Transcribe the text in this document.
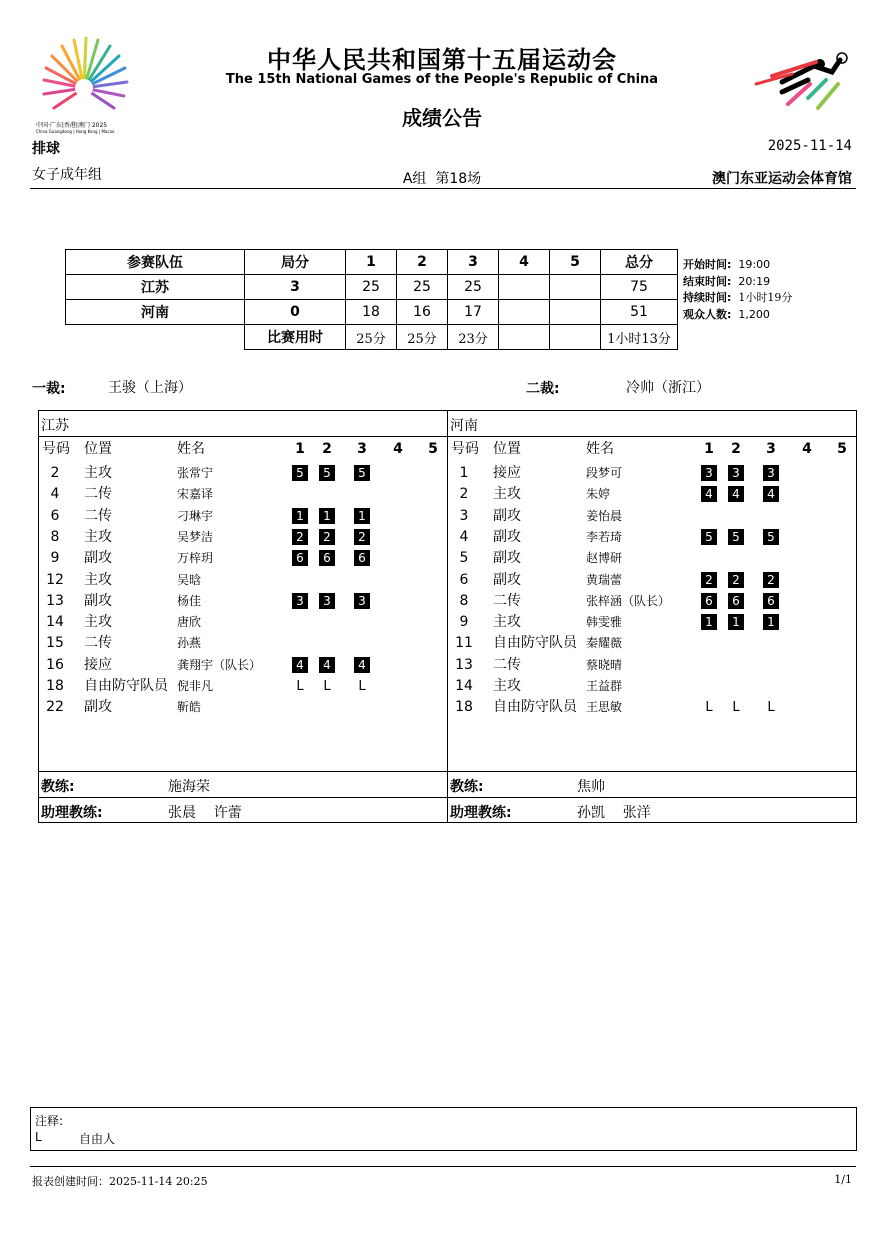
中国·广东|香港|澳门 2025
China Guangdong | Hong Kong | Macao
中华人民共和国第十五届运动会
The 15th National Games of the People's Republic of China
成绩公告
排球	2025-11-14
女子成年组	A组  第18场	澳门东亚运动会体育馆
参赛队伍	局分	1	2	3	4	5	总分
江苏	3	25	25	25			75
河南	0	18	16	17			51
	比赛用时	25分	25分	23分			1小时13分
开始时间: 19:00
结束时间: 20:19
持续时间: 1小时19分
观众人数: 1,200
一裁:	王骏（上海）	二裁:	冷帅（浙江）
江苏
号码 位置	姓名	1 2 3 4 5
2	主攻	张常宁	5	5	5
4	二传	宋嘉译
6	二传	刁琳宇	1	1	1
8	主攻	吴梦洁	2	2	2
9	副攻	万梓玥	6	6	6
12	主攻	吴晗
13	副攻	杨佳	3	3	3
14	主攻	唐欣
15	二传	孙燕
16	接应	龚翔宇（队长）	4	4	4
18	自由防守队员 倪非凡	L	L	L
22	副攻	靳皓
教练:	施海荣
助理教练:	张晨    许蕾
河南
号码 位置	姓名	1 2 3 4 5
1	接应	段梦可	3	3	3
2	主攻	朱婷	4	4	4
3	副攻	姜怡晨
4	副攻	李若琦	5	5	5
5	副攻	赵博研
6	副攻	黄瑞蕾	2	2	2
8	二传	张梓涵（队长）	6	6	6
9	主攻	韩雯雅	1	1	1
11	自由防守队员 秦耀薇
13	二传	蔡晓晴
14	主攻	王益群
18	自由防守队员 王思敏	L	L	L
教练:	焦帅
助理教练:	孙凯    张洋
注释:
L	自由人
报表创建时间：2025-11-14 20:25	1/1
